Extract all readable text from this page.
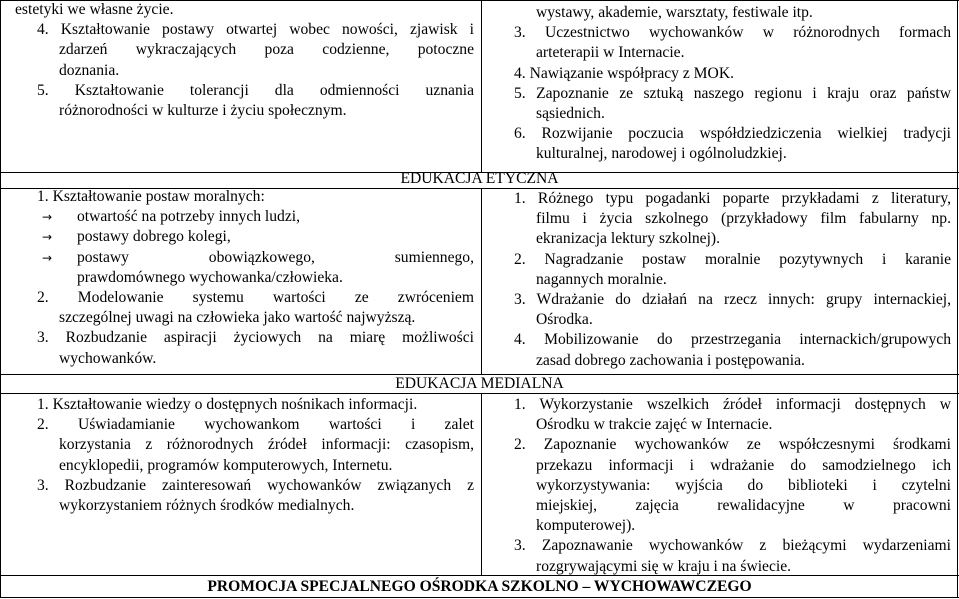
estetyki we własne życie.
4. Kształtowanie postawy otwartej wobec nowości, zjawisk i
zdarzeń wykraczających poza codzienne, potoczne
doznania.
5. Kształtowanie tolerancji dla odmienności uznania
różnorodności w kulturze i życiu społecznym.
wystawy, akademie, warsztaty, festiwale itp.
3. Uczestnictwo wychowanków w różnorodnych formach
arteterapii w Internacie.
4. Nawiązanie współpracy z MOK.
5. Zapoznanie ze sztuką naszego regionu i kraju oraz państw
sąsiednich.
6. Rozwijanie poczucia współdziedziczenia wielkiej tradycji
kulturalnej, narodowej i ogólnoludzkiej.
EDUKACJA ETYCZNA
1. Kształtowanie postaw moralnych:
→ otwartość na potrzeby innych ludzi,
→ postawy dobrego kolegi,
→	postawy obowiązkowego, sumiennego,
prawdomównego wychowanka/człowieka.
2. Modelowanie systemu wartości ze zwróceniem
szczególnej uwagi na człowieka jako wartość najwyższą.
3. Rozbudzanie aspiracji życiowych na miarę możliwości
wychowanków.
1. Różnego typu pogadanki poparte przykładami z literatury,
filmu i życia szkolnego (przykładowy film fabularny np.
ekranizacja lektury szkolnej).
2. Nagradzanie postaw moralnie pozytywnych i karanie
nagannych moralnie.
3. Wdrażanie do działań na rzecz innych: grupy internackiej,
Ośrodka.
4. Mobilizowanie do przestrzegania internackich/grupowych
zasad dobrego zachowania i postępowania.
EDUKACJA MEDIALNA
1. Kształtowanie wiedzy o dostępnych nośnikach informacji.
2. Uświadamianie wychowankom wartości i zalet
korzystania z różnorodnych źródeł informacji: czasopism,
encyklopedii, programów komputerowych, Internetu.
3. Rozbudzanie zainteresowań wychowanków związanych z
wykorzystaniem różnych środków medialnych.
1. Wykorzystanie wszelkich źródeł informacji dostępnych w
Ośrodku w trakcie zajęć w Internacie.
2. Zapoznanie wychowanków ze współczesnymi środkami
przekazu informacji i wdrażanie do samodzielnego ich
wykorzystywania: wyjścia do biblioteki i czytelni
miejskiej, zajęcia rewalidacyjne w pracowni
komputerowej).
3. Zapoznawanie wychowanków z bieżącymi wydarzeniami
rozgrywającymi się w kraju i na świecie.
PROMOCJA SPECJALNEGO OŚRODKA SZKOLNO – WYCHOWAWCZEGO
